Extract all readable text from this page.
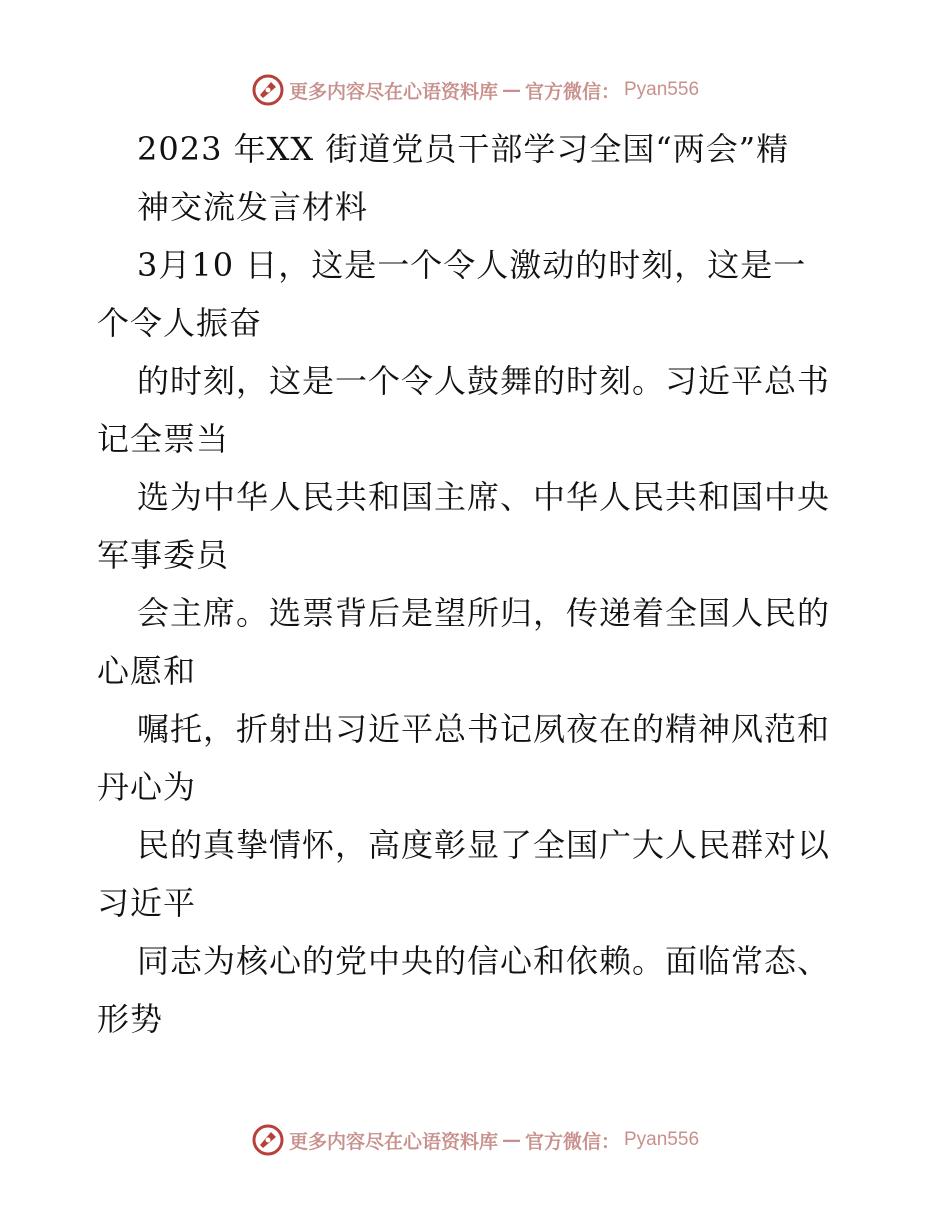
更多内容尽在心语资料库 — 官方微信： Pyan556
2023 年XX 街道党员干部学习全国“两会”精
神交流发言材料
3月10 日，这是一个令人激动的时刻，这是一
个令人振奋
的时刻，这是一个令人鼓舞的时刻。习近平总书
记全票当
选为中华人民共和国主席、中华人民共和国中央
军事委员
会主席。选票背后是望所归，传递着全国人民的
心愿和
嘱托，折射出习近平总书记夙夜在的精神风范和
丹心为
民的真挚情怀，高度彰显了全国广大人民群对以
习近平
同志为核心的党中央的信心和依赖。面临常态、
形势
更多内容尽在心语资料库 — 官方微信： Pyan556
